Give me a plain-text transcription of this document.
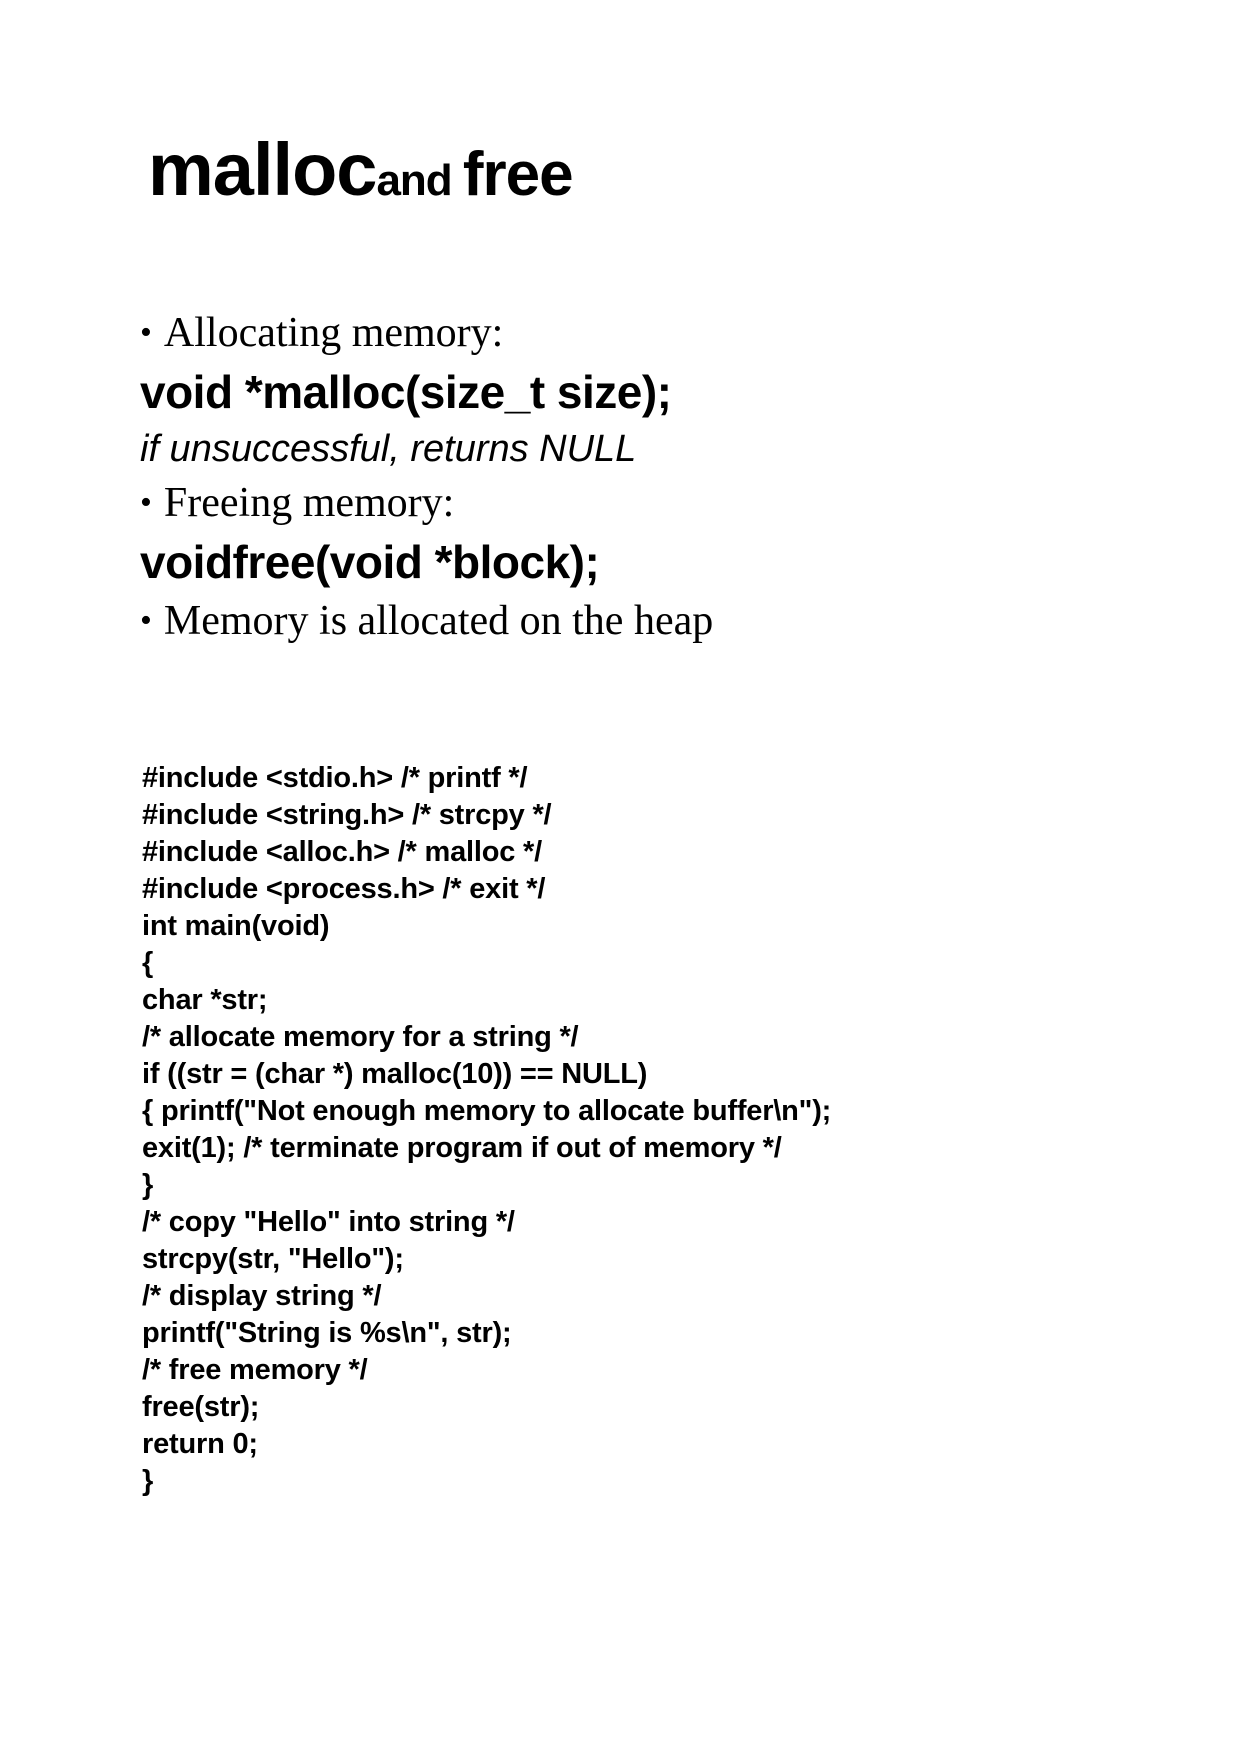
mallocand free
• Allocating memory:
void *malloc(size_t size);
if unsuccessful, returns NULL
• Freeing memory:
voidfree(void *block);
• Memory is allocated on the heap
#include <stdio.h> /* printf */
#include <string.h> /* strcpy */
#include <alloc.h> /* malloc */
#include <process.h> /* exit */
int main(void)
{
char *str;
/* allocate memory for a string */
if ((str = (char *) malloc(10)) == NULL)
{ printf("Not enough memory to allocate buffer\n");
exit(1); /* terminate program if out of memory */
}
/* copy "Hello" into string */
strcpy(str, "Hello");
/* display string */
printf("String is %s\n", str);
/* free memory */
free(str);
return 0;
}
